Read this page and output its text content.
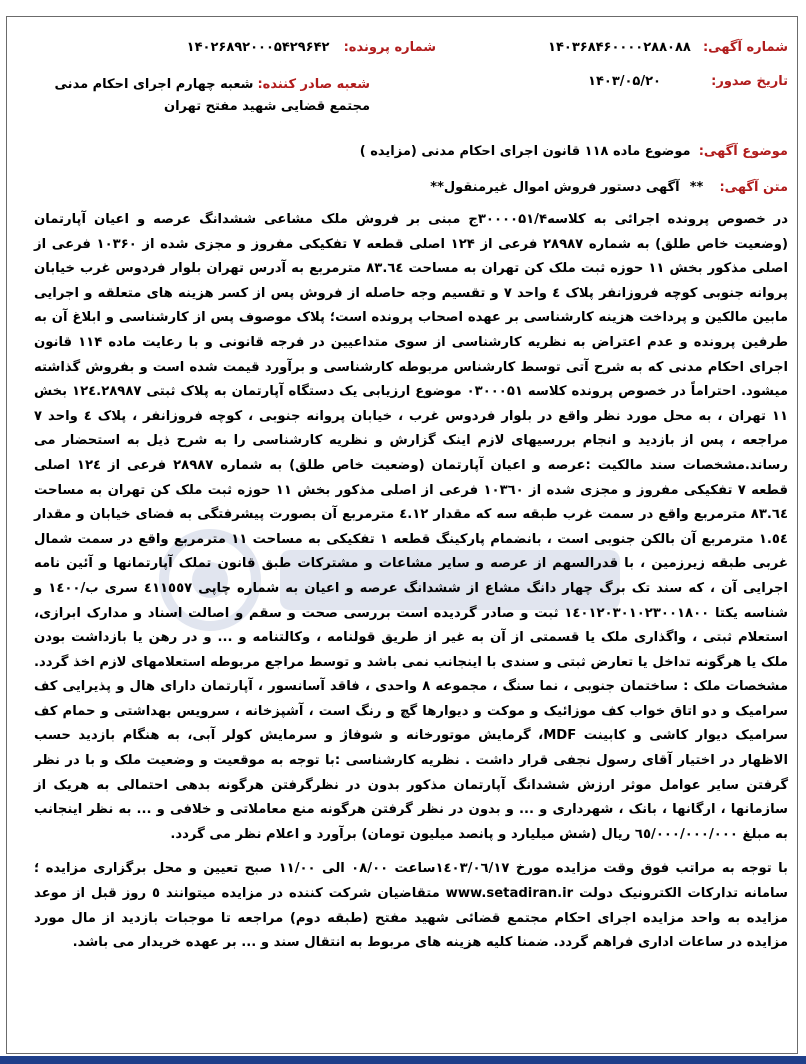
شماره آگهی: ۱۴۰۳۶۸۴۶۰۰۰۰۲۸۸۰۸۸
شماره پرونده: ۱۴۰۲۶۸۹۲۰۰۰۵۴۲۹۶۴۲
تاریخ صدور: ۱۴۰۳/۰۵/۲۰
شعبه صادر کننده:شعبه چهارم اجرای احکام مدنی مجتمع قضایی شهید مفتح تهران
موضوع آگهی: موضوع ماده ۱۱۸ قانون اجرای احکام مدنی (مزایده )
متن آگهی: ** آگهی دستور فروش اموال غیرمنقول**

در خصوص پرونده اجرائی به کلاسه۳۰۰۰۰۵۱/۴ج مبنی بر فروش ملک مشاعی ششدانگ عرصه و اعیان آپارتمان (وضعیت خاص طلق) به شماره ۲۸۹۸۷ فرعی از ۱۲۴ اصلی قطعه ۷ تفکیکی مفروز و مجزی شده از ۱۰۳۶۰ فرعی از اصلی مذکور بخش ۱۱ حوزه ثبت ملک کن تهران به مساحت ۸۳.٦٤ مترمربع به آدرس تهران بلوار فردوس غرب خیابان پروانه جنوبی کوچه فروزانفر پلاک ٤ واحد ۷ و تقسیم وجه حاصله از فروش پس از کسر هزینه های متعلقه و اجرایی مابین مالکین و پرداخت هزینه کارشناسی بر عهده اصحاب پرونده است؛ پلاک موصوف پس از کارشناسی و ابلاغ آن به طرفین پرونده و عدم اعتراض به نظریه کارشناسی از سوی متداعیین در فرجه قانونی و با رعایت ماده ۱۱۴ قانون اجرای احکام مدنی که به شرح آتی توسط کارشناس مربوطه کارشناسی و برآورد قیمت شده است و بفروش گذاشته میشود. احتراماً در خصوص پرونده کلاسه ۰۳۰۰۰۵۱ موضوع ارزیابی یک دستگاه آپارتمان به پلاک ثبتی ۱۲٤.۲۸۹۸۷ بخش ۱۱ تهران ، به محل مورد نظر واقع در بلوار فردوس غرب ، خیابان پروانه جنوبی ، کوچه فروزانفر ، پلاک ٤ واحد ۷ مراجعه ، پس از بازدید و انجام بررسیهای لازم اینک گزارش و نظریه کارشناسی را به شرح ذیل به استحضار می رساند.مشخصات سند مالکیت :عرصه و اعیان آپارتمان (وضعیت خاص طلق) به شماره ۲۸۹۸۷ فرعی از ۱۲٤ اصلی قطعه ۷ تفکیکی مفروز و مجزی شده از ۱۰۳٦۰ فرعی از اصلی مذکور بخش ۱۱ حوزه ثبت ملک کن تهران به مساحت ۸۳.٦٤ مترمربع واقع در سمت غرب طبقه سه که مقدار ٤.١٢ مترمربع آن بصورت پیشرفتگی به فضای خیابان و مقدار ۱.٥٤ مترمربع آن بالکن جنوبی است ، بانضمام پارکینگ قطعه ۱ تفکیکی به مساحت ۱۱ مترمربع واقع در سمت شمال غربی طبقه زیرزمین ، با قدرالسهم از عرصه و سایر مشاعات و مشترکات طبق قانون تملک آپارتمانها و آئین نامه اجرایی آن ، که سند تک برگ چهار دانگ مشاع از ششدانگ عرصه و اعیان به شماره چاپی ٤١١٥٥٧ سری ب/۱٤۰۰ و شناسه یکتا ۱٤۰۱۲۰۳۰۱۰۲۳۰۰۱۸۰۰ ثبت و صادر گردیده است بررسی صحت و سقم و اصالت اسناد و مدارک ابرازی، استعلام ثبتی ، واگذاری ملک یا قسمتی از آن به غیر از طریق قولنامه ، وکالتنامه و ... و در رهن یا بازداشت بودن ملک یا هرگونه تداخل یا تعارض ثبتی و سندی با اینجانب نمی باشد و توسط مراجع مربوطه استعلامهای لازم اخذ گردد. مشخصات ملک : ساختمان جنوبی ، نما سنگ ، مجموعه ۸ واحدی ، فاقد آسانسور ، آپارتمان دارای هال و پذیرایی کف سرامیک و دو اتاق خواب کف موزائیک و موکت و دیوارها گچ و رنگ است ، آشپزخانه ، سرویس بهداشتی و حمام کف سرامیک دیوار کاشی و کابینت MDF، گرمایش موتورخانه و شوفاژ و سرمایش کولر آبی، به هنگام بازدید حسب الاظهار در اختیار آقای رسول نجفی قرار داشت . نظریه کارشناسی :با توجه به موقعیت و وضعیت ملک و با در نظر گرفتن سایر عوامل موثر ارزش ششدانگ آپارتمان مذکور بدون در نظرگرفتن هرگونه بدهی احتمالی به هریک از سازمانها ، ارگانها ، بانک ، شهرداری و ... و بدون در نظر گرفتن هرگونه منع معاملاتی و خلافی و ... به نظر اینجانب به مبلغ ٦٥/۰۰۰/۰۰۰/۰۰۰ ریال (شش میلیارد و پانصد میلیون تومان) برآورد و اعلام نظر می گردد.

با توجه به مراتب فوق وقت مزایده مورخ ۱٤۰۳/۰٦/۱۷ساعت ۰۸/۰۰ الی ۱۱/۰۰ صبح تعیین و محل برگزاری مزایده ؛سامانه تدارکات الکترونیک دولت www.setadiran.ir متقاضیان شرکت کننده در مزایده میتوانند ٥ روز قبل از موعد مزایده به واحد مزایده اجرای احکام مجتمع قضائی شهید مفتح (طبقه دوم) مراجعه تا موجبات بازدید از مال مورد مزایده در ساعات اداری فراهم گردد. ضمنا کلیه هزینه های مربوط به انتقال سند و ... بر عهده خریدار می باشد.
